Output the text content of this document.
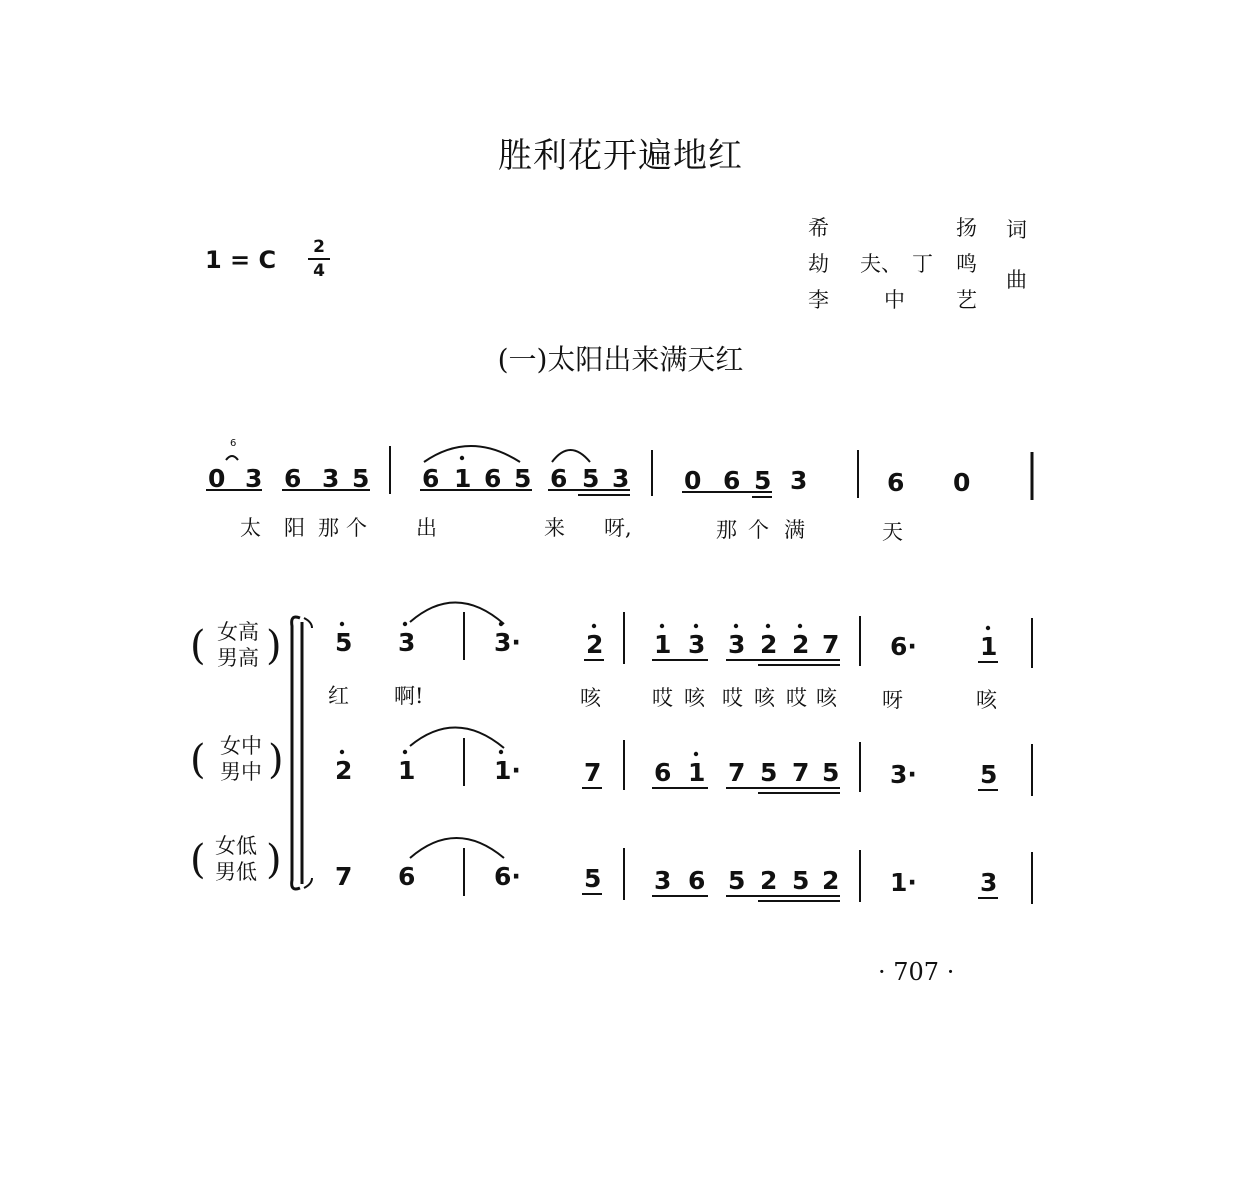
胜利花开遍地红
1 = C $\frac{2}{4}$
希	扬 词
劫 夫、 丁 鸣
李	中 艺
曲
(一)太阳出来满天红
6
0 3 6 3 5 6 1 6 5 6 5 3 0 6 5 3	6 0
太 阳 那 个 出	来 呀,	那 个 满	天
( 女高
男高 )
( 女中
男中 )
( 女低
男低 )
5 3	3·	2 1 3 3 2 2 7 6·	1
红 啊!	咳 哎 咳 哎 咳 哎 咳 呀	咳
2 1	1·	7 6 1 7 5 7 5 3·	5
7 6	6·	5 3 6 5 2 5 2 1·	3
· 707 ·
